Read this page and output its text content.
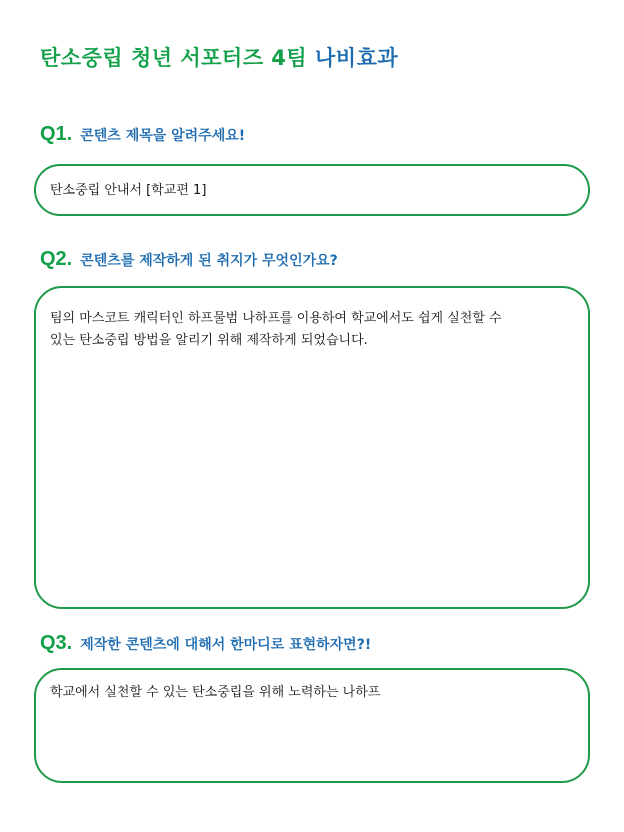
탄소중립 청년 서포터즈 4팀 나비효과
Q1. 콘텐츠 제목을 알려주세요!
탄소중립 안내서 [학교편 1]
Q2. 콘텐츠를 제작하게 된 취지가 무엇인가요?
팀의 마스코트 캐릭터인 하프물범 나하프를 이용하여 학교에서도 쉽게 실천할 수
있는 탄소중립 방법을 알리기 위해 제작하게 되었습니다.
Q3. 제작한 콘텐츠에 대해서 한마디로 표현하자면?!
학교에서 실천할 수 있는 탄소중립을 위해 노력하는 나하프
